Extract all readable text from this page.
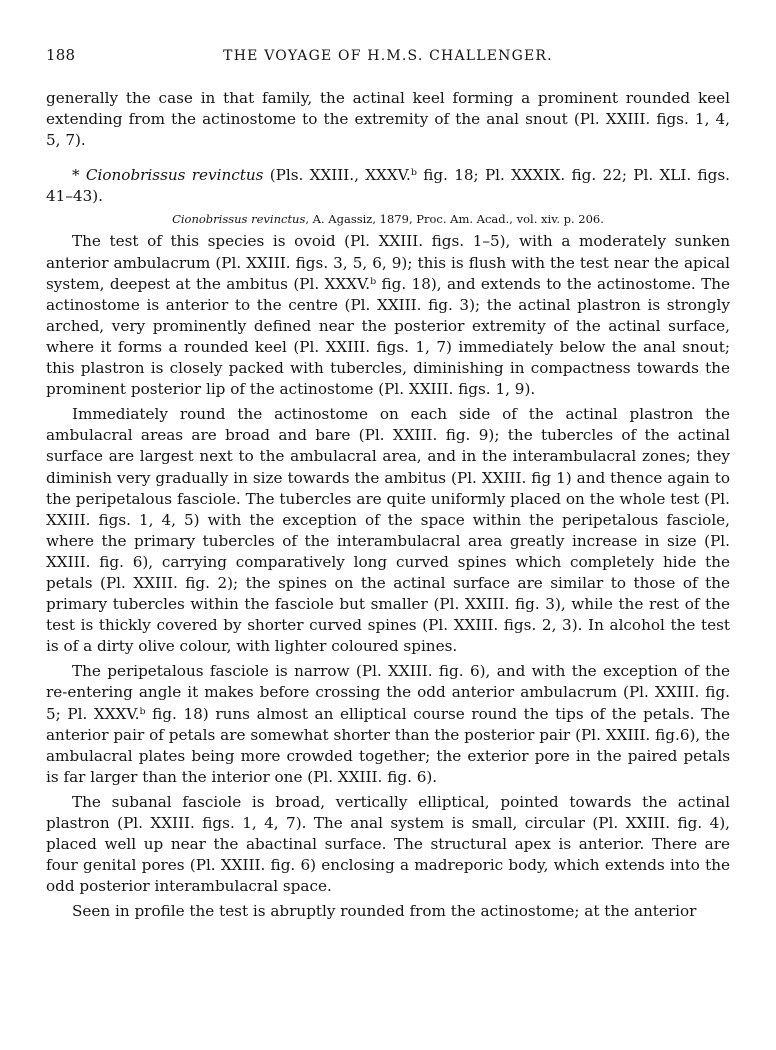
188	THE VOYAGE OF H.M.S. CHALLENGER.

generally the case in that family, the actinal keel forming a prominent rounded keel extending from the actinostome to the extremity of the anal snout (Pl. XXIII. figs. 1, 4, 5, 7).

* Cionobrissus revinctus (Pls. XXIII., XXXV.ᵇ fig. 18; Pl. XXXIX. fig. 22; Pl. XLI. figs. 41–43).

Cionobrissus revinctus, A. Agassiz, 1879, Proc. Am. Acad., vol. xiv. p. 206.

The test of this species is ovoid (Pl. XXIII. figs. 1–5), with a moderately sunken anterior ambulacrum (Pl. XXIII. figs. 3, 5, 6, 9); this is flush with the test near the apical system, deepest at the ambitus (Pl. XXXV.ᵇ fig. 18), and extends to the actinostome. The actinostome is anterior to the centre (Pl. XXIII. fig. 3); the actinal plastron is strongly arched, very prominently defined near the posterior extremity of the actinal surface, where it forms a rounded keel (Pl. XXIII. figs. 1, 7) immediately below the anal snout; this plastron is closely packed with tubercles, diminishing in compactness towards the prominent posterior lip of the actinostome (Pl. XXIII. figs. 1, 9).

Immediately round the actinostome on each side of the actinal plastron the ambulacral areas are broad and bare (Pl. XXIII. fig. 9); the tubercles of the actinal surface are largest next to the ambulacral area, and in the interambulacral zones; they diminish very gradually in size towards the ambitus (Pl. XXIII. fig 1) and thence again to the peripetalous fasciole. The tubercles are quite uniformly placed on the whole test (Pl. XXIII. figs. 1, 4, 5) with the exception of the space within the peripetalous fasciole, where the primary tubercles of the interambulacral area greatly increase in size (Pl. XXIII. fig. 6), carrying comparatively long curved spines which completely hide the petals (Pl. XXIII. fig. 2); the spines on the actinal surface are similar to those of the primary tubercles within the fasciole but smaller (Pl. XXIII. fig. 3), while the rest of the test is thickly covered by shorter curved spines (Pl. XXIII. figs. 2, 3). In alcohol the test is of a dirty olive colour, with lighter coloured spines.

The peripetalous fasciole is narrow (Pl. XXIII. fig. 6), and with the exception of the re-entering angle it makes before crossing the odd anterior ambulacrum (Pl. XXIII. fig. 5; Pl. XXXV.ᵇ fig. 18) runs almost an elliptical course round the tips of the petals. The anterior pair of petals are somewhat shorter than the posterior pair (Pl. XXIII. fig.6), the ambulacral plates being more crowded together; the exterior pore in the paired petals is far larger than the interior one (Pl. XXIII. fig. 6).

The subanal fasciole is broad, vertically elliptical, pointed towards the actinal plastron (Pl. XXIII. figs. 1, 4, 7). The anal system is small, circular (Pl. XXIII. fig. 4), placed well up near the abactinal surface. The structural apex is anterior. There are four genital pores (Pl. XXIII. fig. 6) enclosing a madreporic body, which extends into the odd posterior interambulacral space.

Seen in profile the test is abruptly rounded from the actinostome; at the anterior
